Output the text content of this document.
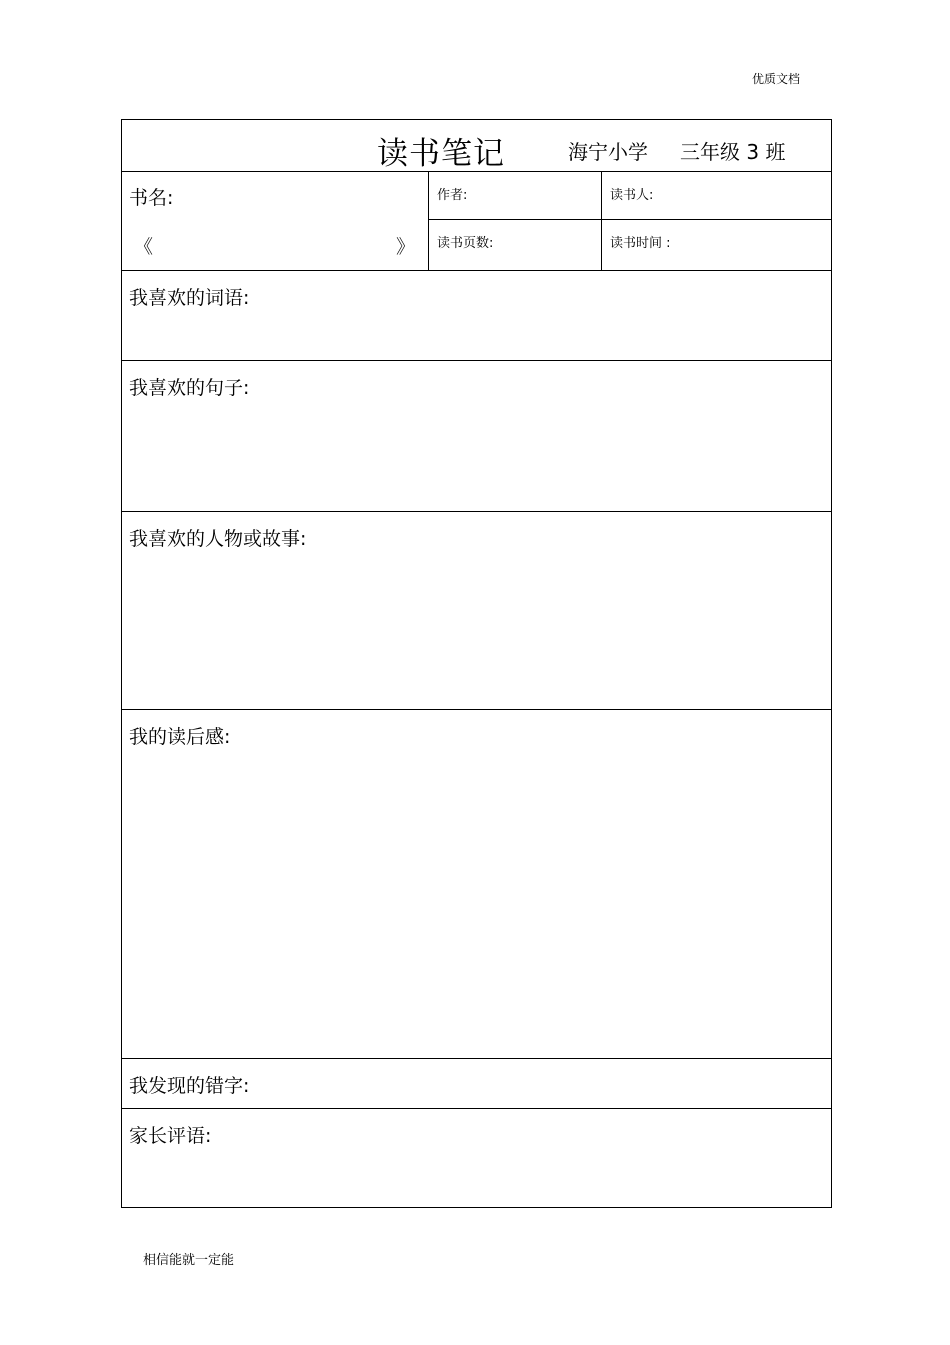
优质文档
读书笔记	海宁小学 三年级 3 班
书名:
《	》
作者:	读书人:
读书页数:	读书时间 :
我喜欢的词语:
我喜欢的句子:
我喜欢的人物或故事:
我的读后感:
我发现的错字:
家长评语:
相信能就一定能
